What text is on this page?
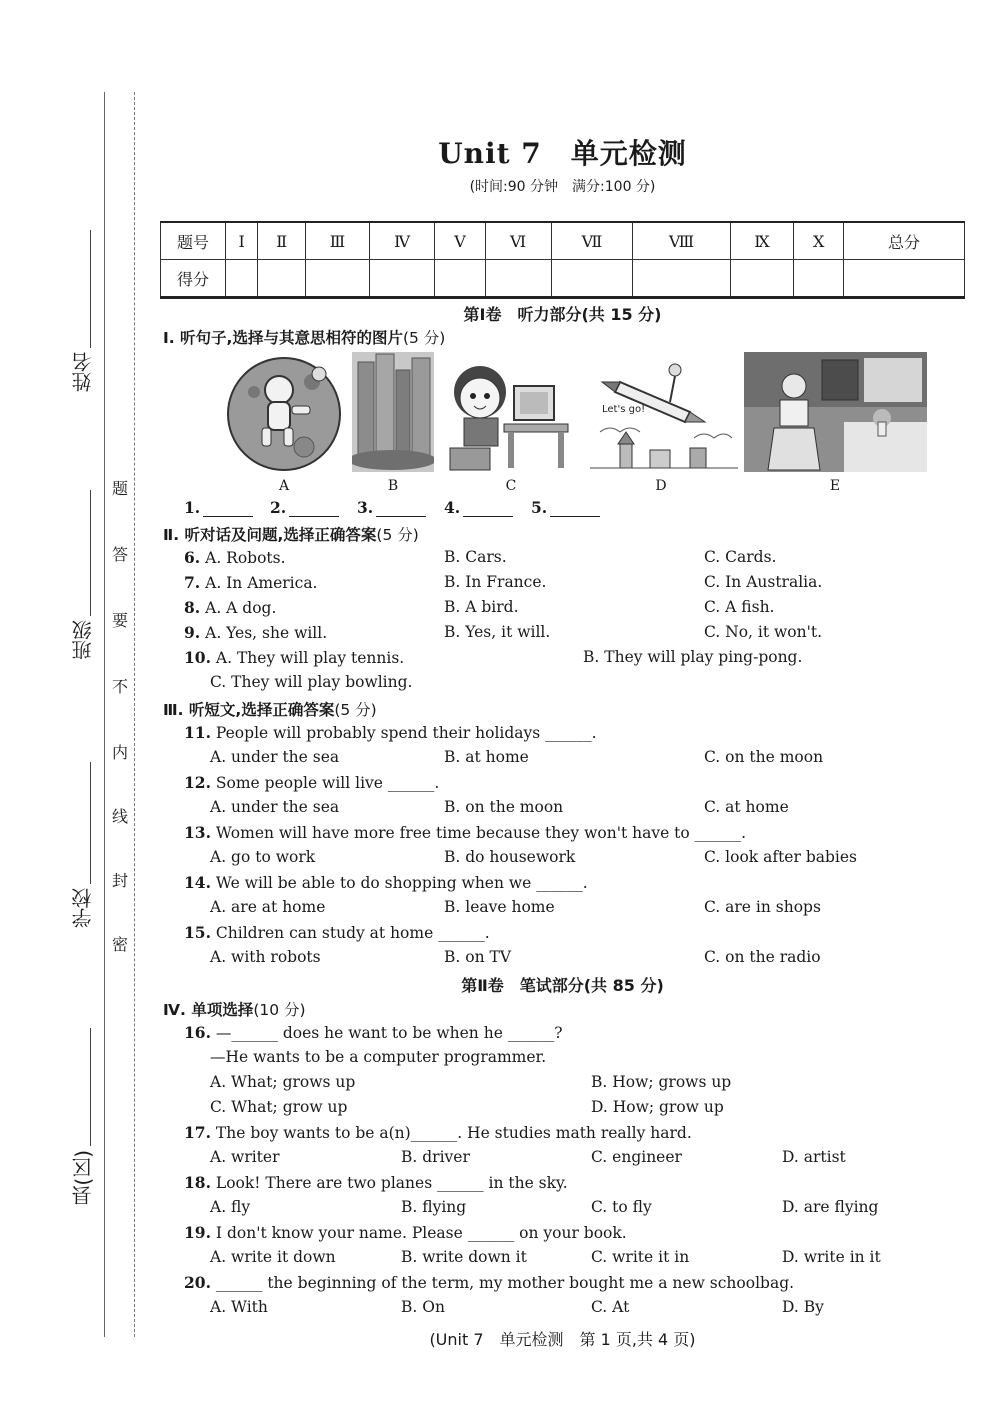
姓名
班级
学校
县(区)
题
答
要
不
内
线
封
密
Unit 7　单元检测
(时间:90 分钟　满分:100 分)
题号	Ⅰ	Ⅱ	Ⅲ	Ⅳ	Ⅴ	Ⅵ	Ⅶ	Ⅷ	Ⅸ	Ⅹ	总分
得分											
第Ⅰ卷　听力部分(共 15 分)
Ⅰ. 听句子,选择与其意思相符的图片(5 分)
Let's go!
A	B	C	D	E
1.	2.	3.	4.	5.
Ⅱ. 听对话及问题,选择正确答案(5 分)
6. A. Robots.	B. Cars.	C. Cards.
7. A. In America.	B. In France.	C. In Australia.
8. A. A dog.	B. A bird.	C. A fish.
9. A. Yes, she will.	B. Yes, it will.	C. No, it won't.
10. A. They will play tennis.	B. They will play ping-pong.
C. They will play bowling.
Ⅲ. 听短文,选择正确答案(5 分)
11. People will probably spend their holidays ______.
A. under the sea	B. at home	C. on the moon
12. Some people will live ______.
A. under the sea	B. on the moon	C. at home
13. Women will have more free time because they won't have to ______.
A. go to work	B. do housework	C. look after babies
14. We will be able to do shopping when we ______.
A. are at home	B. leave home	C. are in shops
15. Children can study at home ______.
A. with robots	B. on TV	C. on the radio
第Ⅱ卷　笔试部分(共 85 分)
Ⅳ. 单项选择(10 分)
16. —______ does he want to be when he ______?
—He wants to be a computer programmer.
A. What; grows up	B. How; grows up
C. What; grow up	D. How; grow up
17. The boy wants to be a(n)______. He studies math really hard.
A. writer	B. driver	C. engineer	D. artist
18. Look! There are two planes ______ in the sky.
A. fly	B. flying	C. to fly	D. are flying
19. I don't know your name. Please ______ on your book.
A. write it down	B. write down it	C. write it in	D. write in it
20. ______ the beginning of the term, my mother bought me a new schoolbag.
A. With	B. On	C. At	D. By
(Unit 7　单元检测　第 1 页,共 4 页)
